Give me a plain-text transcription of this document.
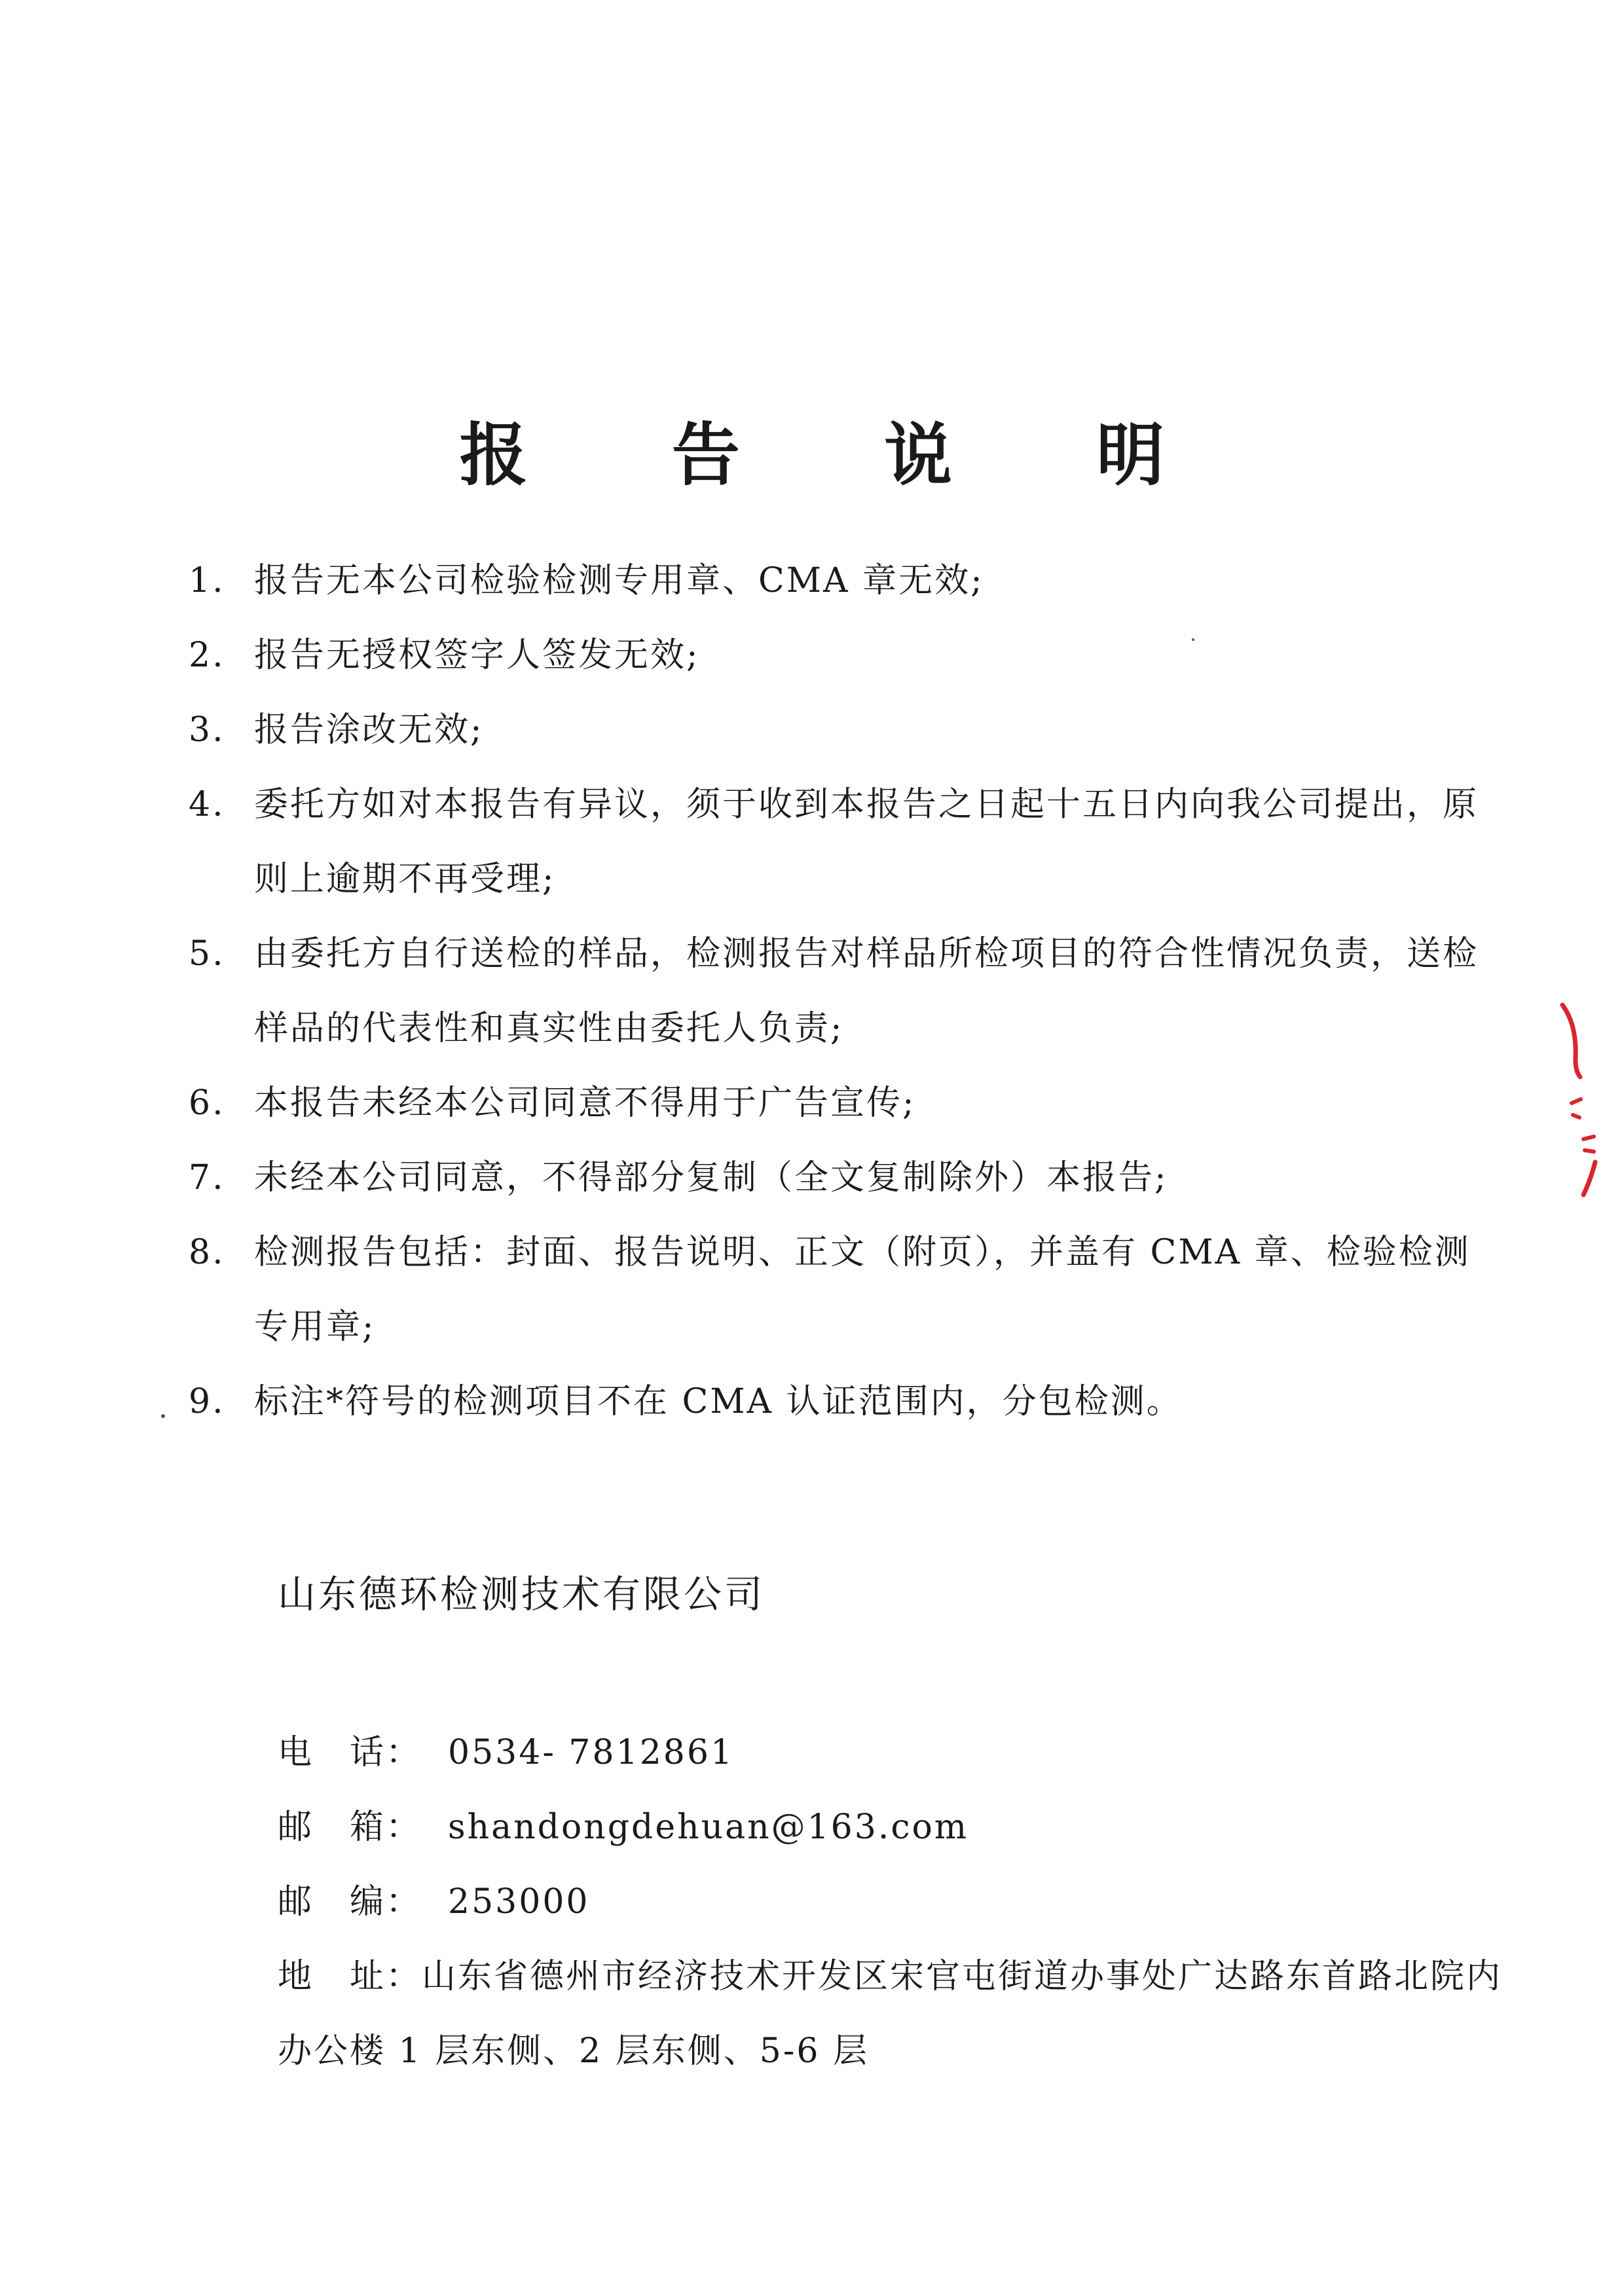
报 告 说 明
1. 报告无本公司检验检测专用章、CMA 章无效;
2. 报告无授权签字人签发无效;
3. 报告涂改无效;
4. 委托方如对本报告有异议，须于收到本报告之日起十五日内向我公司提出，原则上逾期不再受理;
5. 由委托方自行送检的样品，检测报告对样品所检项目的符合性情况负责，送检样品的代表性和真实性由委托人负责;
6. 本报告未经本公司同意不得用于广告宣传;
7. 未经本公司同意，不得部分复制（全文复制除外）本报告;
8. 检测报告包括：封面、报告说明、正文（附页），并盖有 CMA 章、检验检测专用章;
9. 标注*符号的检测项目不在 CMA 认证范围内，分包检测。
山东德环检测技术有限公司
电　话： 0534- 7812861
邮　箱： shandongdehuan@163.com
邮　编： 253000
地　址：山东省德州市经济技术开发区宋官屯街道办事处广达路东首路北院内办公楼 1 层东侧、2 层东侧、5-6 层
